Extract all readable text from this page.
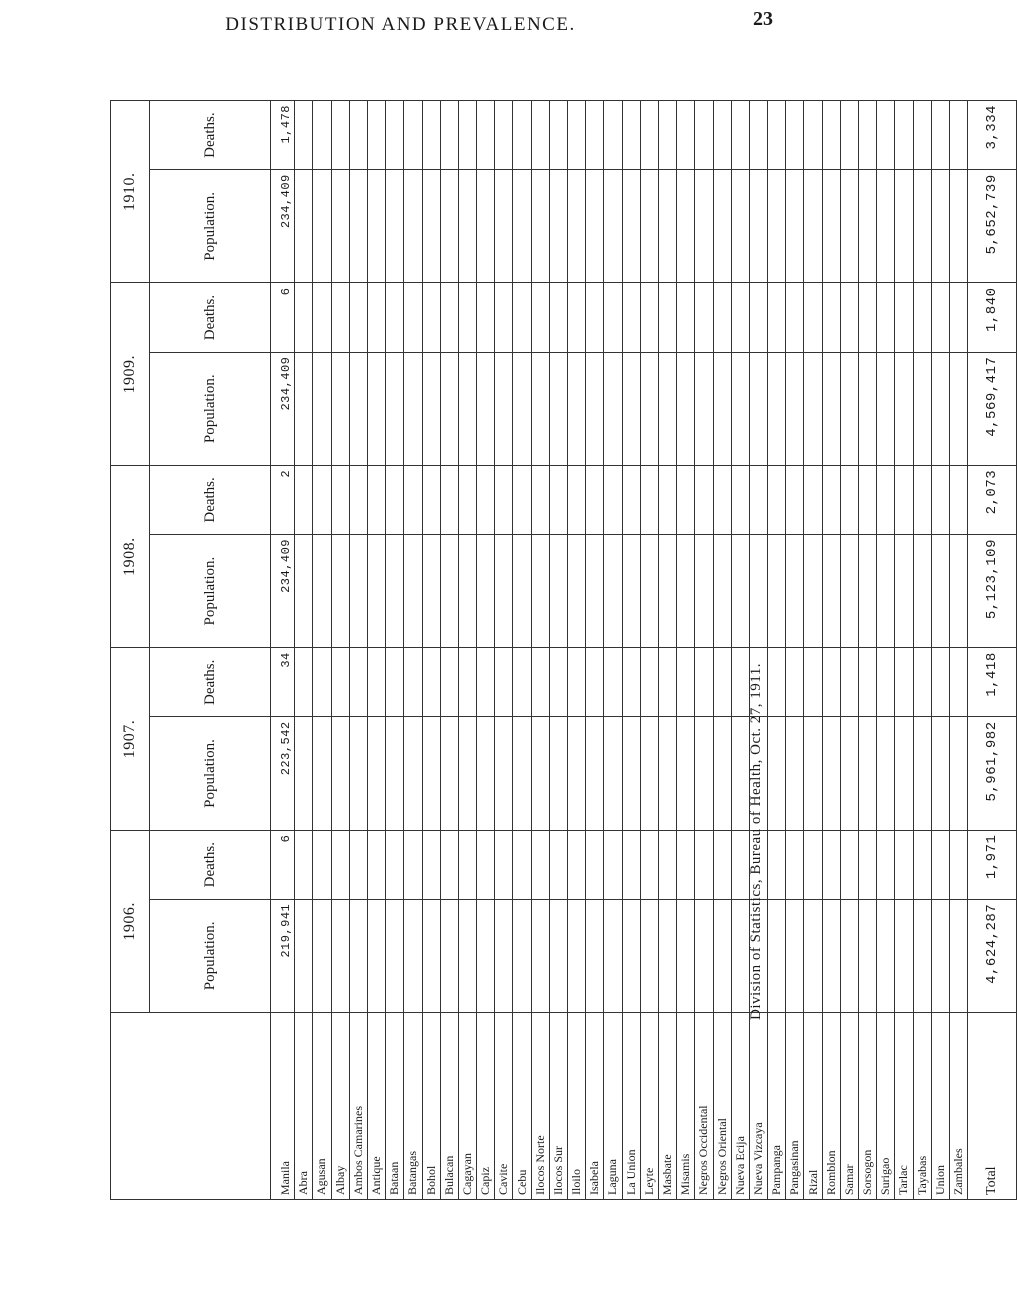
DISTRIBUTION AND PREVALENCE.	23
	1906.		1907.		1908.		1909.		1910.	
	Population.	Deaths.	Population.	Deaths.	Population.	Deaths.	Population.	Deaths.	Population.	Deaths.
Manila	219,941	6	223,542	34	234,409	2	234,409	6	234,409	1,478
Abra										
Agusan										
Albay										
Ambos Camarines										
Antique										
Bataan										
Batangas										
Bohol										
Bulacan										
Cagayan										
Capiz										
Cavite										
Cebu										
Ilocos Norte										
Ilocos Sur										
Iloilo										
Isabela										
Laguna										
La Union										
Leyte										
Masbate										
Misamis										
Negros Occidental										
Negros Oriental										
Nueva Ecija										
Nueva Vizcaya										
Pampanga										
Pangasinan										
Rizal										
Romblon										
Samar										
Sorsogon										
Surigao										
Tarlac										
Tayabas										
Union										
Zambales										
Total	4,624,287	1,971	5,961,982	1,418	5,123,109	2,073	4,569,417	1,840	5,652,739	3,334
Division of Statistics, Bureau of Health, Oct. 27, 1911.
